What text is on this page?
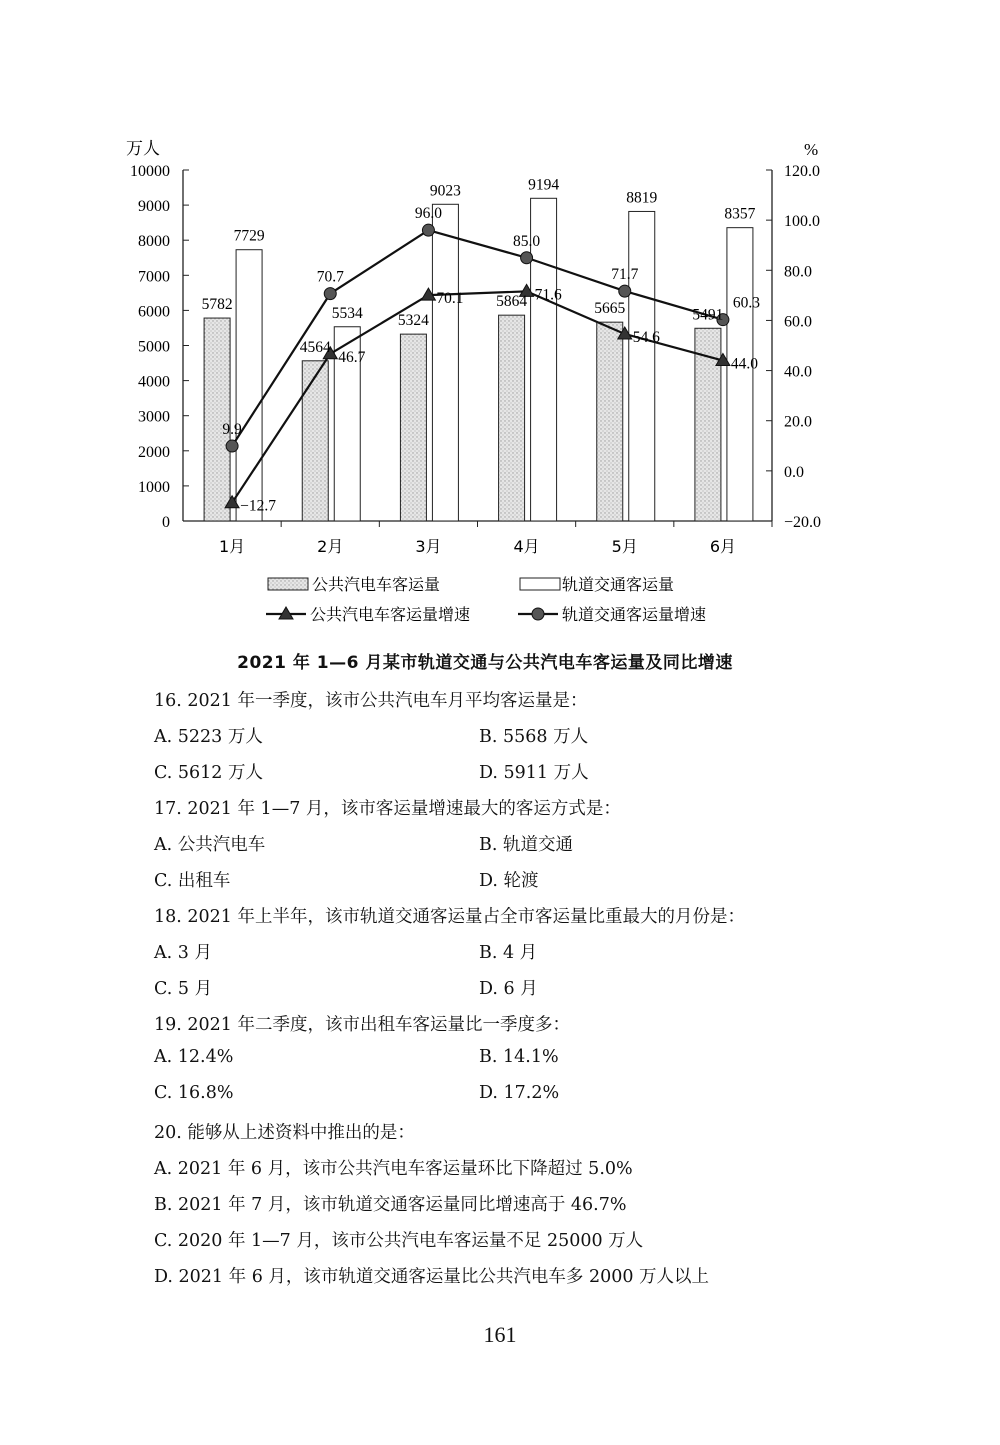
万人	%
10000
9000
8000
7000
6000
5000
4000
3000
2000
1000
0
120.0
100.0
80.0
60.0
40.0
20.0
0.0
−20.0
1月	2月	3月	4月	5月	6月
5782
4564
5324
5864	5665	5491
7729
5534
9023	9194
8819
8357
−12.7
46.7
70.1	71.6
54.6
44.0
9.9
70.7
96.0
85.0
71.7
60.3
公共汽电车客运量	轨道交通客运量
公共汽电车客运量增速	轨道交通客运量增速
2021 年 1—6 月某市轨道交通与公共汽电车客运量及同比增速
16. 2021 年一季度，该市公共汽电车月平均客运量是：
A. 5223 万人	B. 5568 万人
C. 5612 万人	D. 5911 万人
17. 2021 年 1—7 月，该市客运量增速最大的客运方式是：
A. 公共汽电车	B. 轨道交通
C. 出租车	D. 轮渡
18. 2021 年上半年，该市轨道交通客运量占全市客运量比重最大的月份是：
A. 3 月	B. 4 月
C. 5 月	D. 6 月
19. 2021 年二季度，该市出租车客运量比一季度多：
A. 12.4%	B. 14.1%
C. 16.8%	D. 17.2%
20. 能够从上述资料中推出的是：
A. 2021 年 6 月，该市公共汽电车客运量环比下降超过 5.0%
B. 2021 年 7 月，该市轨道交通客运量同比增速高于 46.7%
C. 2020 年 1—7 月，该市公共汽电车客运量不足 25000 万人
D. 2021 年 6 月，该市轨道交通客运量比公共汽电车多 2000 万人以上
161
